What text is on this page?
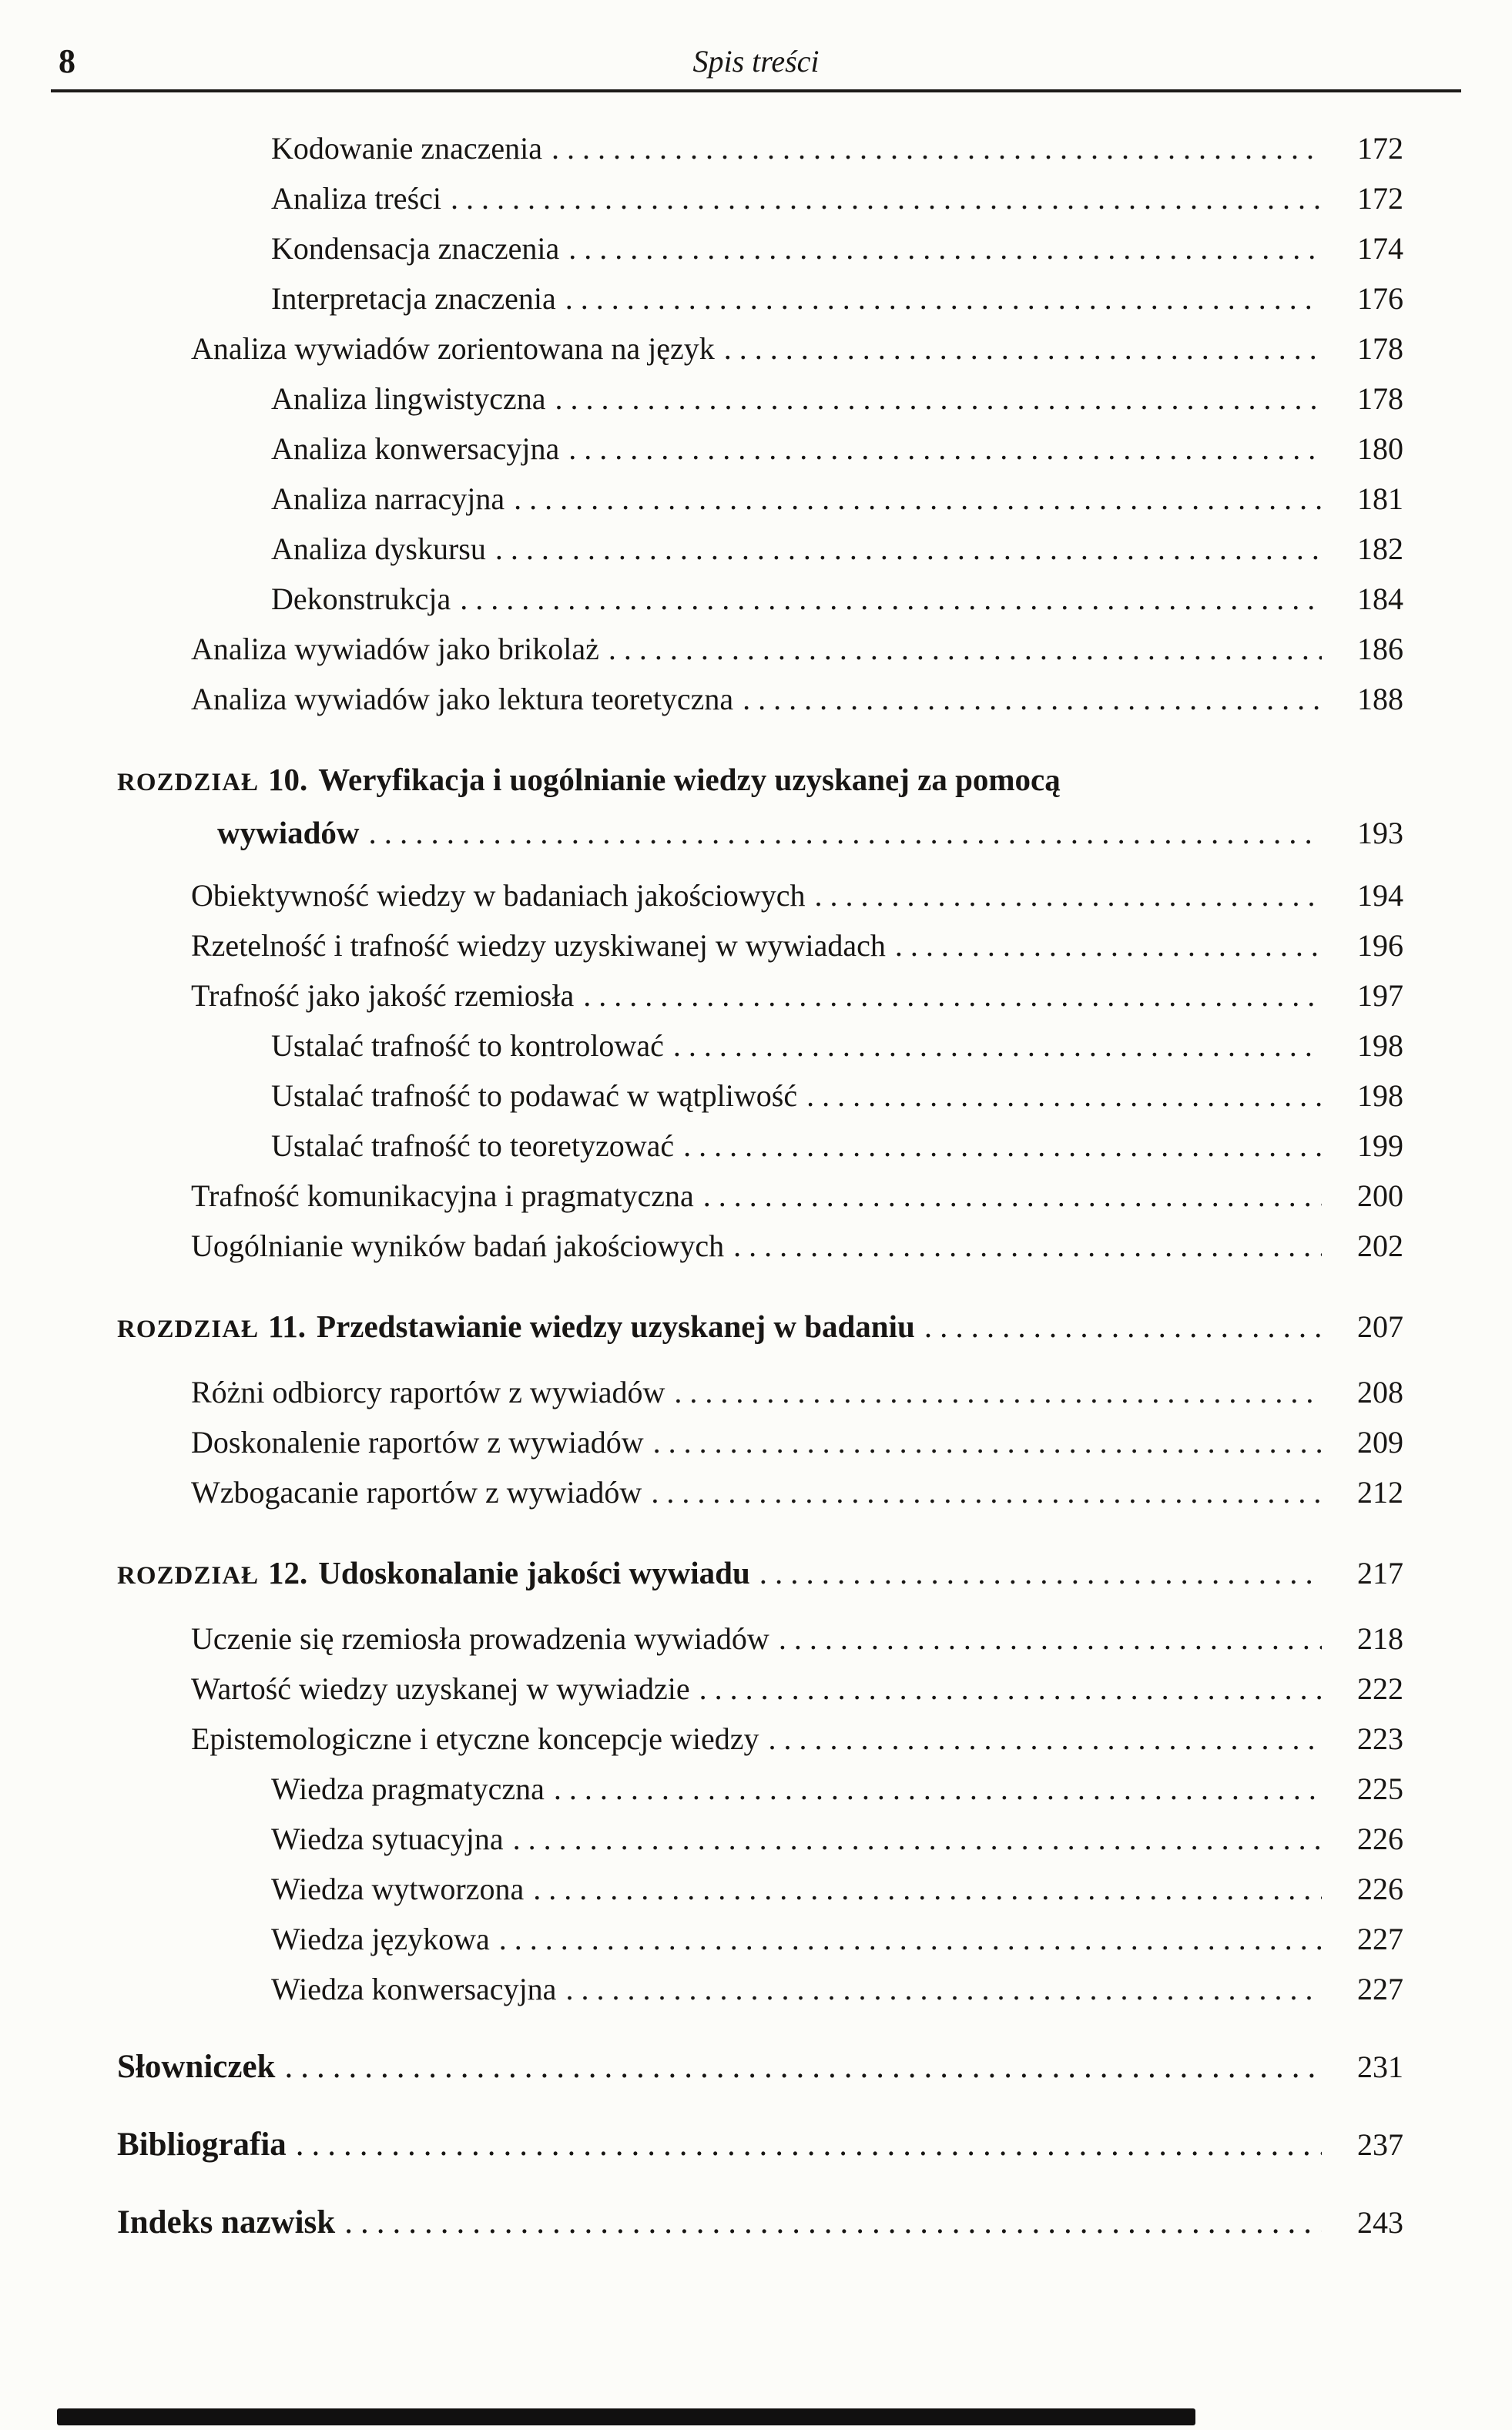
8	Spis treści
Kodowanie znaczenia .....	172
Analiza treści .....	172
Kondensacja znaczenia .....	174
Interpretacja znaczenia .....	176
Analiza wywiadów zorientowana na język .....	178
Analiza lingwistyczna .....	178
Analiza konwersacyjna .....	180
Analiza narracyjna .....	181
Analiza dyskursu .....	182
Dekonstrukcja .....	184
Analiza wywiadów jako brikolaż .....	186
Analiza wywiadów jako lektura teoretyczna .....	188
ROZDZIAŁ 10. Weryfikacja i uogólnianie wiedzy uzyskanej za pomocą
wywiadów .....	193
Obiektywność wiedzy w badaniach jakościowych .....	194
Rzetelność i trafność wiedzy uzyskiwanej w wywiadach .....	196
Trafność jako jakość rzemiosła .....	197
Ustalać trafność to kontrolować .....	198
Ustalać trafność to podawać w wątpliwość .....	198
Ustalać trafność to teoretyzować .....	199
Trafność komunikacyjna i pragmatyczna .....	200
Uogólnianie wyników badań jakościowych .....	202
ROZDZIAŁ 11. Przedstawianie wiedzy uzyskanej w badaniu .....	207
Różni odbiorcy raportów z wywiadów .....	208
Doskonalenie raportów z wywiadów .....	209
Wzbogacanie raportów z wywiadów .....	212
ROZDZIAŁ 12. Udoskonalanie jakości wywiadu .....	217
Uczenie się rzemiosła prowadzenia wywiadów .....	218
Wartość wiedzy uzyskanej w wywiadzie .....	222
Epistemologiczne i etyczne koncepcje wiedzy .....	223
Wiedza pragmatyczna .....	225
Wiedza sytuacyjna .....	226
Wiedza wytworzona .....	226
Wiedza językowa .....	227
Wiedza konwersacyjna .....	227
Słowniczek .....	231
Bibliografia .....	237
Indeks nazwisk .....	243
